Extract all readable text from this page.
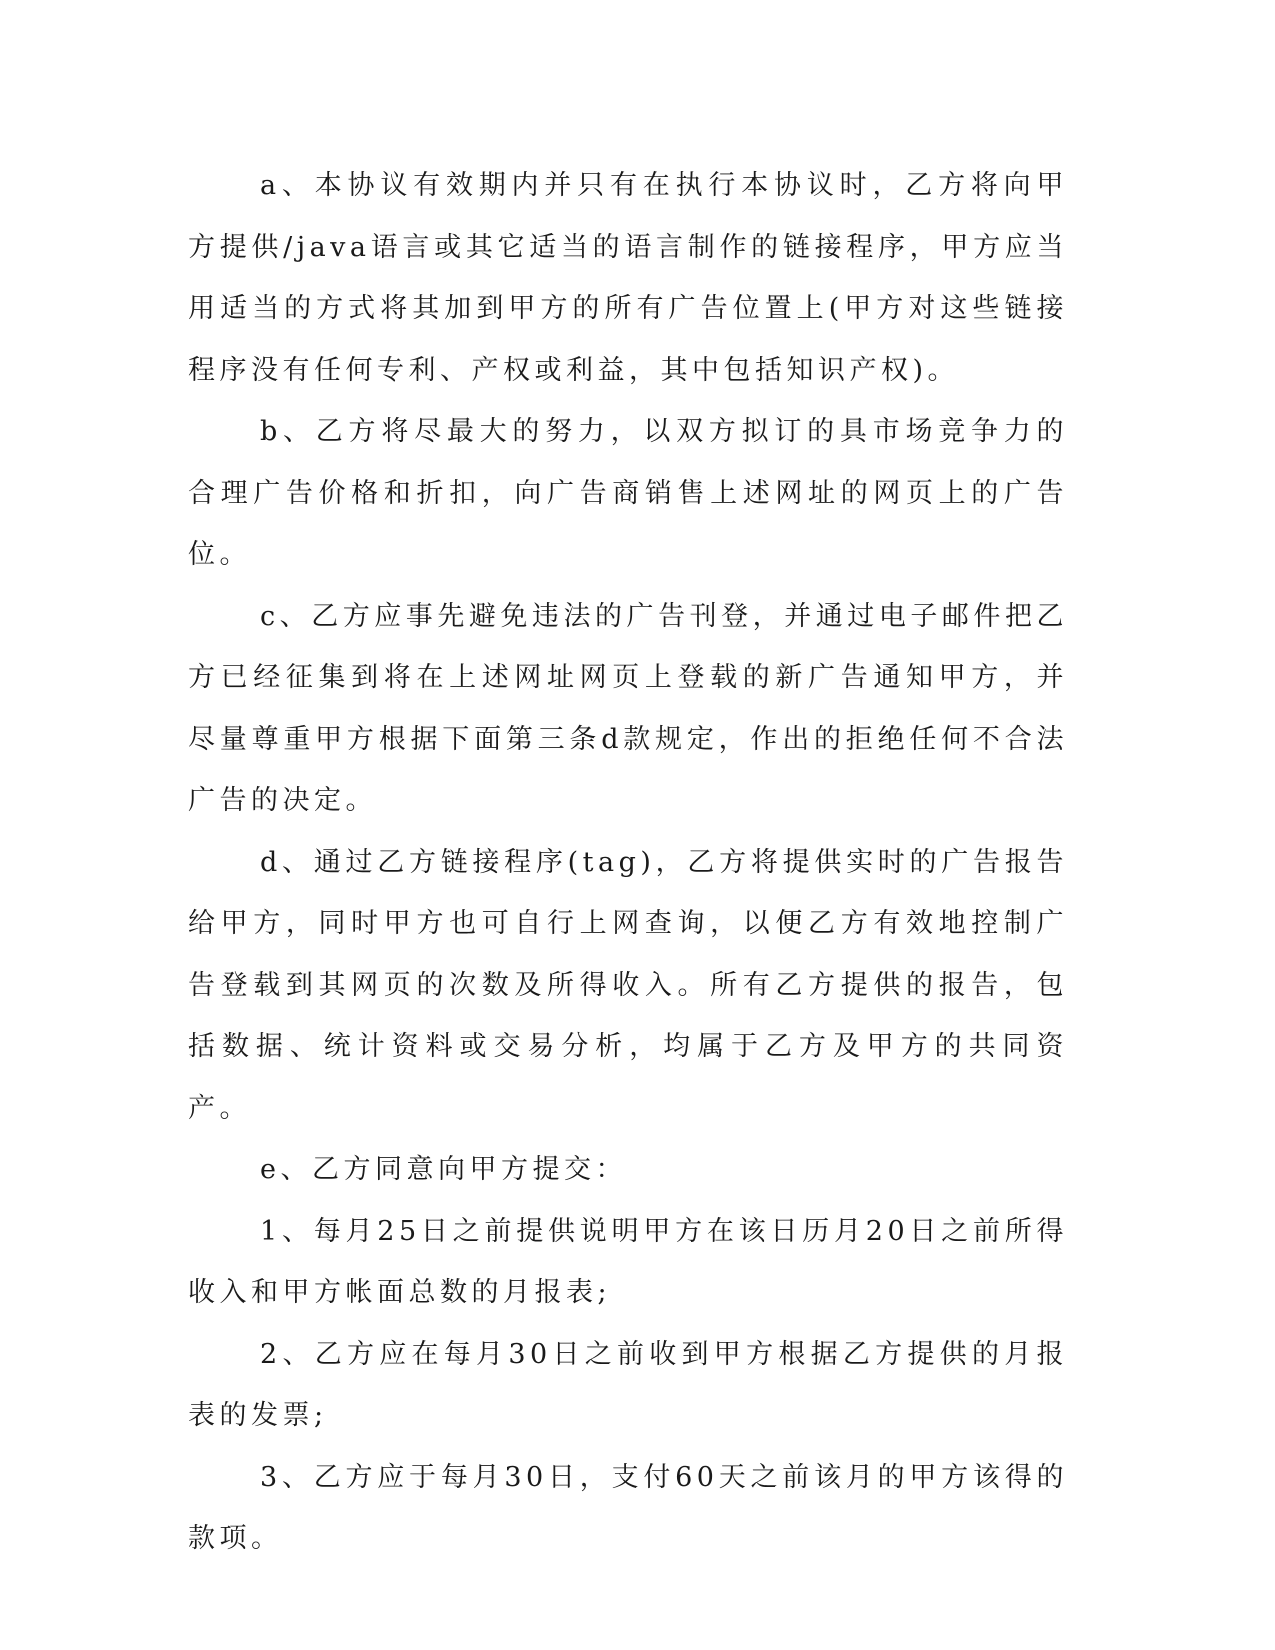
a、本协议有效期内并只有在执行本协议时，乙方将向甲方提供/java语言或其它适当的语言制作的链接程序，甲方应当用适当的方式将其加到甲方的所有广告位置上(甲方对这些链接程序没有任何专利、产权或利益，其中包括知识产权)。

b、乙方将尽最大的努力，以双方拟订的具市场竞争力的合理广告价格和折扣，向广告商销售上述网址的网页上的广告位。

c、乙方应事先避免违法的广告刊登，并通过电子邮件把乙方已经征集到将在上述网址网页上登载的新广告通知甲方，并尽量尊重甲方根据下面第三条d款规定，作出的拒绝任何不合法广告的决定。

d、通过乙方链接程序(tag)，乙方将提供实时的广告报告给甲方，同时甲方也可自行上网查询，以便乙方有效地控制广告登载到其网页的次数及所得收入。所有乙方提供的报告，包括数据、统计资料或交易分析，均属于乙方及甲方的共同资产。

e、乙方同意向甲方提交：

1、每月25日之前提供说明甲方在该日历月20日之前所得收入和甲方帐面总数的月报表;

2、乙方应在每月30日之前收到甲方根据乙方提供的月报表的发票;

3、乙方应于每月30日，支付60天之前该月的甲方该得的款项。
